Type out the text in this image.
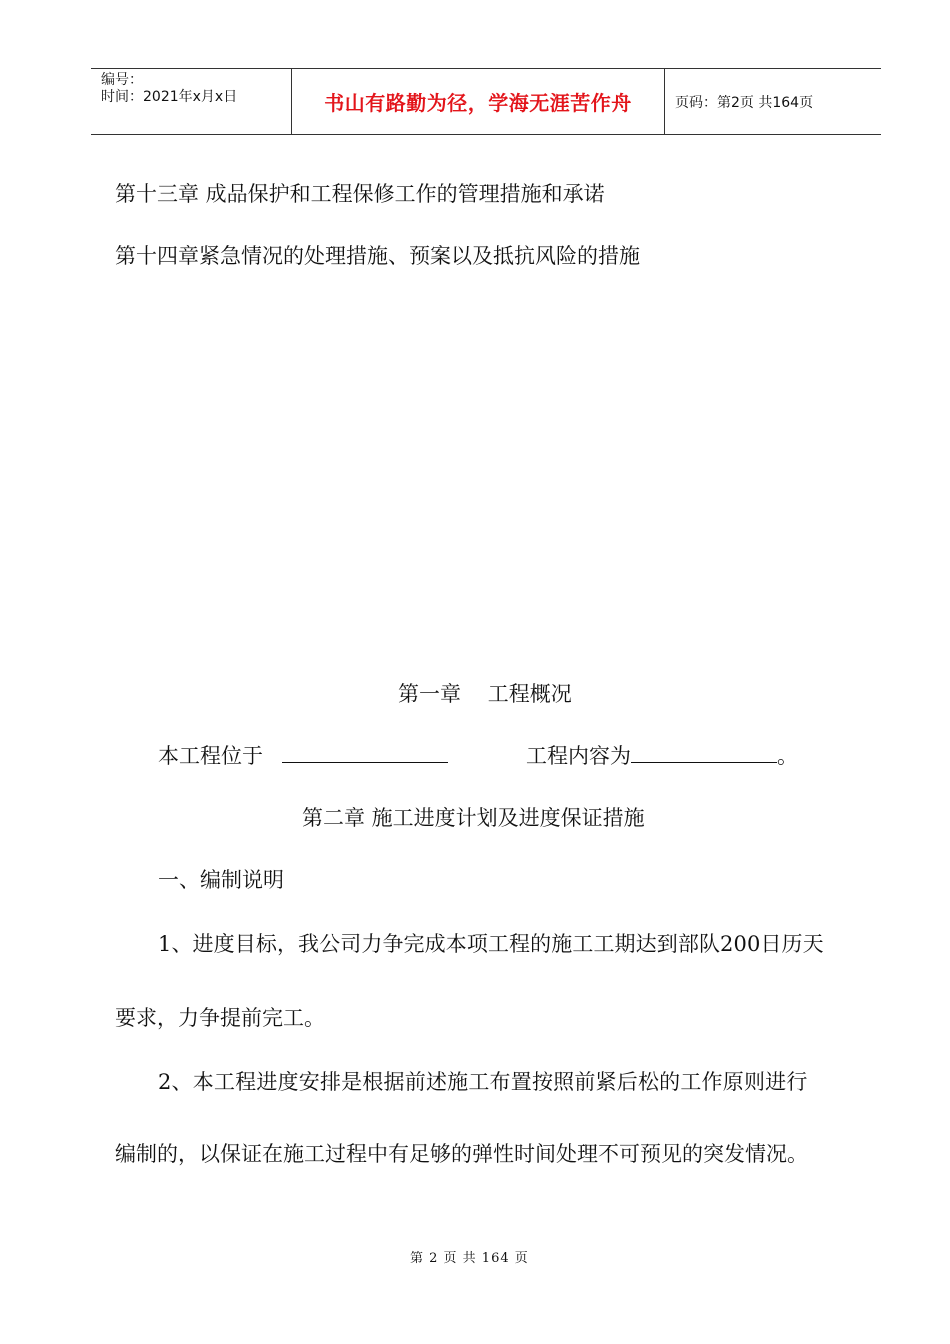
编号：
时间：2021年x月x日	书山有路勤为径，学海无涯苦作舟	页码：第2页 共164页
第十三章 成品保护和工程保修工作的管理措施和承诺
第十四章紧急情况的处理措施、预案以及抵抗风险的措施
第一章    工程概况
本工程位于	工程内容为	。
第二章 施工进度计划及进度保证措施
一、编制说明
1、进度目标，我公司力争完成本项工程的施工工期达到部队200日历天
要求，力争提前完工。
2、本工程进度安排是根据前述施工布置按照前紧后松的工作原则进行
编制的，以保证在施工过程中有足够的弹性时间处理不可预见的突发情况。
第 2 页 共 164 页
